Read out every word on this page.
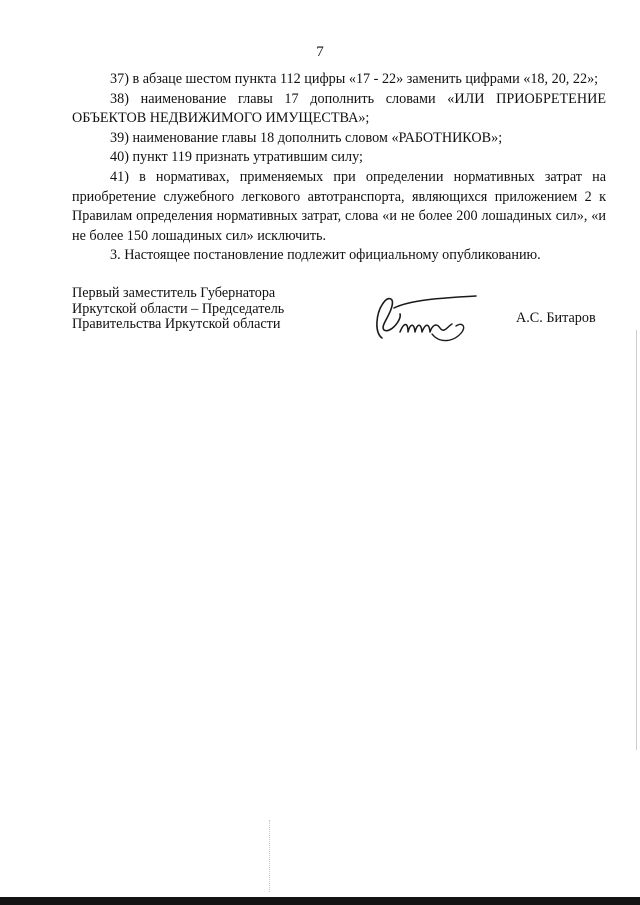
7

37) в абзаце шестом пункта 112 цифры «17 - 22» заменить цифрами «18, 20, 22»;

38) наименование главы 17 дополнить словами «ИЛИ ПРИОБРЕТЕНИЕ ОБЪЕКТОВ НЕДВИЖИМОГО ИМУЩЕСТВА»;

39) наименование главы 18 дополнить словом «РАБОТНИКОВ»;

40) пункт 119 признать утратившим силу;

41) в нормативах, применяемых при определении нормативных затрат на приобретение служебного легкового автотранспорта, являющихся приложением 2 к Правилам определения нормативных затрат, слова «и не более 200 лошадиных сил», «и не более 150 лошадиных сил» исключить.

3. Настоящее постановление подлежит официальному опубликованию.

Первый заместитель Губернатора
Иркутской области – Председатель
Правительства Иркутской области	А.С. Битаров
